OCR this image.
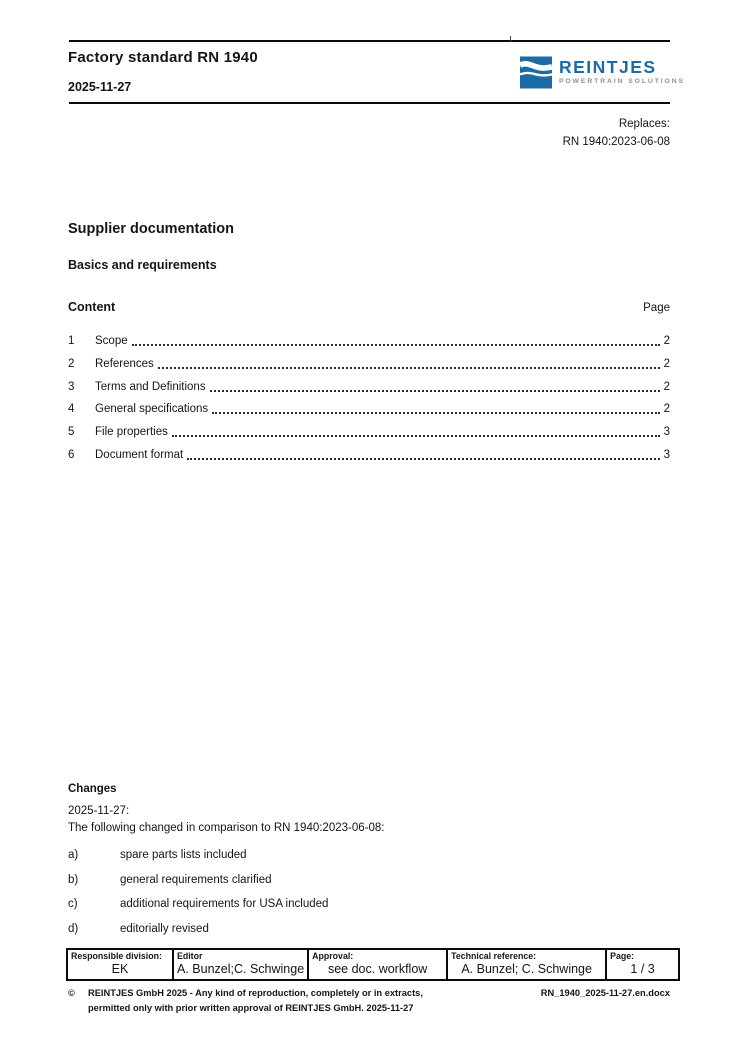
Factory standard RN 1940
2025-11-27
REINTJES
POWERTRAIN SOLUTIONS
Replaces:
RN 1940:2023-06-08
Supplier documentation
Basics and requirements
Content	Page
1	Scope	2
2	References	2
3	Terms and Definitions	2
4	General specifications	2
5	File properties	3
6	Document format	3
Changes
2025-11-27:
The following changed in comparison to RN 1940:2023-06-08:
a)	spare parts lists included
b)	general requirements clarified
c)	additional requirements for USA included
d)	editorially revised
Responsible division:
EK
Editor
A. Bunzel;C. Schwinge
Approval:
see doc. workflow
Technical reference:
A. Bunzel; C. Schwinge
Page:
1 / 3
©	REINTJES GmbH 2025 - Any kind of reproduction, completely or in extracts,
permitted only with prior written approval of REINTJES GmbH. 2025-11-27
RN_1940_2025-11-27.en.docx
